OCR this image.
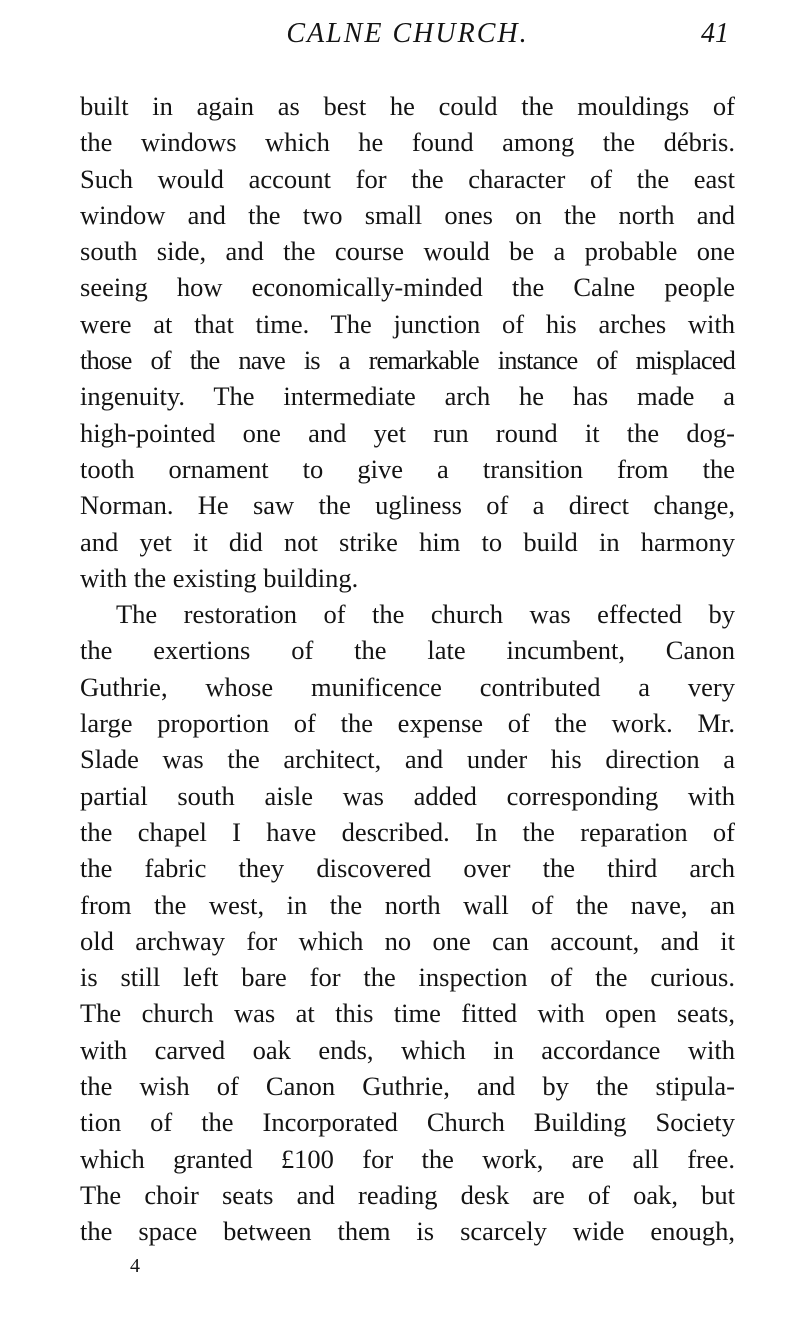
CALNE CHURCH.	41
built in again as best he could the mouldings of
the windows which he found among the débris.
Such would account for the character of the east
window and the two small ones on the north and
south side, and the course would be a probable one
seeing how economically-minded the Calne people
were at that time. The junction of his arches with
those of the nave is a remarkable instance of misplaced
ingenuity. The intermediate arch he has made a
high-pointed one and yet run round it the dog-
tooth ornament to give a transition from the
Norman. He saw the ugliness of a direct change,
and yet it did not strike him to build in harmony
with the existing building.
The restoration of the church was effected by
the exertions of the late incumbent, Canon
Guthrie, whose munificence contributed a very
large proportion of the expense of the work. Mr.
Slade was the architect, and under his direction a
partial south aisle was added corresponding with
the chapel I have described. In the reparation of
the fabric they discovered over the third arch
from the west, in the north wall of the nave, an
old archway for which no one can account, and it
is still left bare for the inspection of the curious.
The church was at this time fitted with open seats,
with carved oak ends, which in accordance with
the wish of Canon Guthrie, and by the stipula-
tion of the Incorporated Church Building Society
which granted £100 for the work, are all free.
The choir seats and reading desk are of oak, but
the space between them is scarcely wide enough,
4
